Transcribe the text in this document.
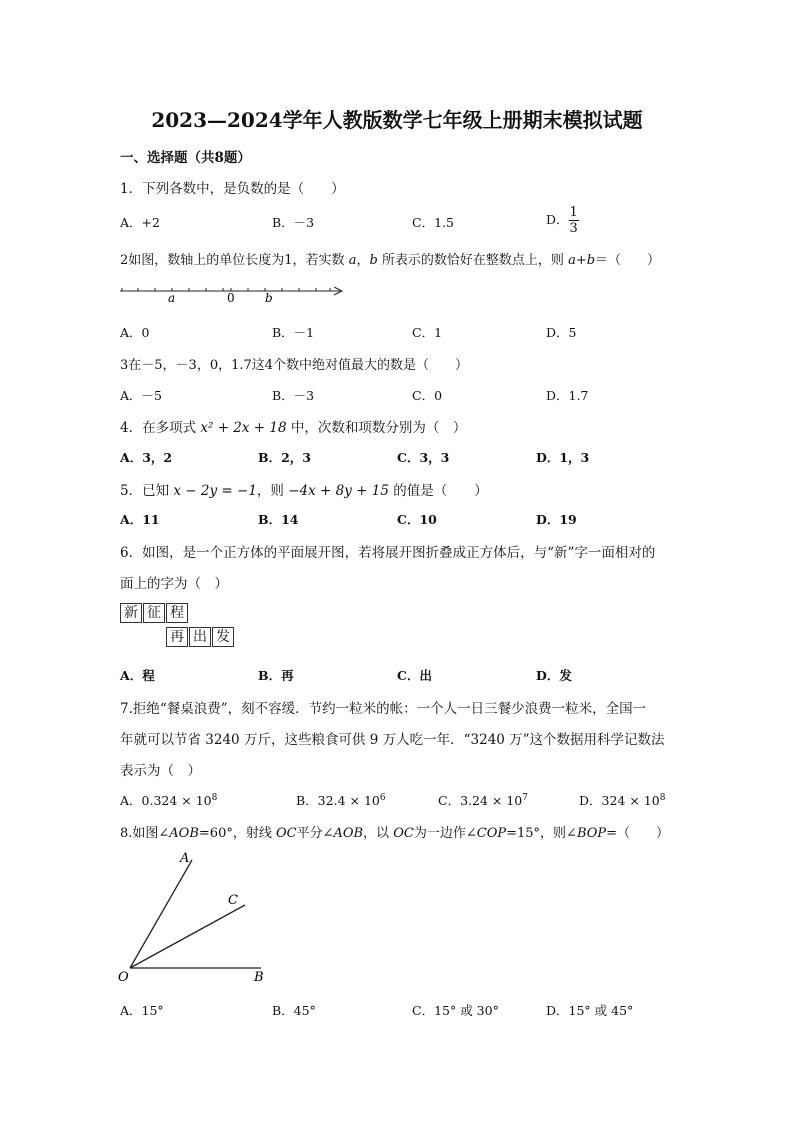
2023—2024学年人教版数学七年级上册期末模拟试题
一、选择题（共8题）
1．下列各数中，是负数的是（　　）
A．+2	B．－3	C．1.5	D． $\frac{1}{3}$
2如图，数轴上的单位长度为1，若实数 a，b 所表示的数恰好在整数点上，则 a+b＝（　　）
a	0	b
A．0	B．－1	C．1	D．5
3在－5，－3，0，1.7这4个数中绝对值最大的数是（　　）
A．－5	B．－3	C．0	D．1.7
4．在多项式 x² + 2x + 18 中，次数和项数分别为（　）
A．3，2	B．2，3	C．3，3	D．1，3
5．已知 x − 2y = −1，则 −4x + 8y + 15 的值是（　　）
A．11	B．14	C．10	D．19
6．如图，是一个正方体的平面展开图，若将展开图折叠成正方体后，与“新”字一面相对的
面上的字为（　）
新 征 程
再 出 发
A．程	B．再	C．出	D．发
7.拒绝“餐桌浪费”，刻不容缓．节约一粒米的帐：一个人一日三餐少浪费一粒米，全国一
年就可以节省 3240 万斤，这些粮食可供 9 万人吃一年．“3240 万”这个数据用科学记数法
表示为（　）
A．$0.324 \times 10^8$	B．$32.4 \times 10^6$	C．$3.24 \times 10^7$	D．$324 \times 10^8$
8.如图∠AOB=60°，射线 OC平分∠AOB，以 OC为一边作∠COP=15°，则∠BOP=（　　）
A
C
O	B
A．15°	B．45°	C．15° 或 30°	D．15° 或 45°
